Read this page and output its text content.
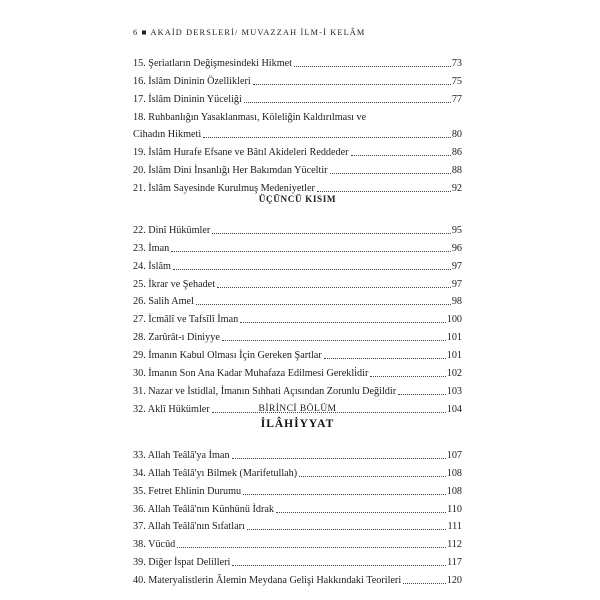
6 ■ AKAİD DERSLERİ/ MUVAZZAH İLM-İ KELÂM
15. Şeriatların Değişmesindeki Hikmet	73
16. İslâm Dininin Özellikleri	75
17. İslâm Dininin Yüceliği	77
18. Ruhbanlığın Yasaklanması, Köleliğin Kaldırılması ve
Cihadın Hikmeti	80
19. İslâm Hurafe Efsane ve Bâtıl Akideleri Reddeder	86
20. İslâm Dini İnsanlığı Her Bakımdan Yüceltir	88
21. İslâm Sayesinde Kurulmuş Medeniyetler	92
ÜÇÜNCÜ KISIM
22. Dinî Hükümler	95
23. İman	96
24. İslâm	97
25. İkrar ve Şehadet	97
26. Salih Amel	98
27. İcmâlî ve Tafsîlî İman	100
28. Zarûrât-ı Diniyye	101
29. İmanın Kabul Olması İçin Gereken Şartlar	101
30. İmanın Son Ana Kadar Muhafaza Edilmesi Gerekli̇dir	102
31. Nazar ve İstidlal, İmanın Sıhhati Açısından Zorunlu Değildir	103
32. Aklî Hükümler	104
BİRİNCİ BÖLÜM
İLÂHİYYAT
33. Allah Teâlâ'ya İman	107
34. Allah Teâlâ'yı Bilmek (Marifetullah)	108
35. Fetret Ehlinin Durumu	108
36. Allah Teâlâ'nın Künhünü İdrak	110
37. Allah Teâlâ'nın Sıfatları	111
38. Vücûd	112
39. Diğer İspat Delilleri	117
40. Materyalistlerin Âlemin Meydana Gelişi Hakkındaki Teorileri	120
